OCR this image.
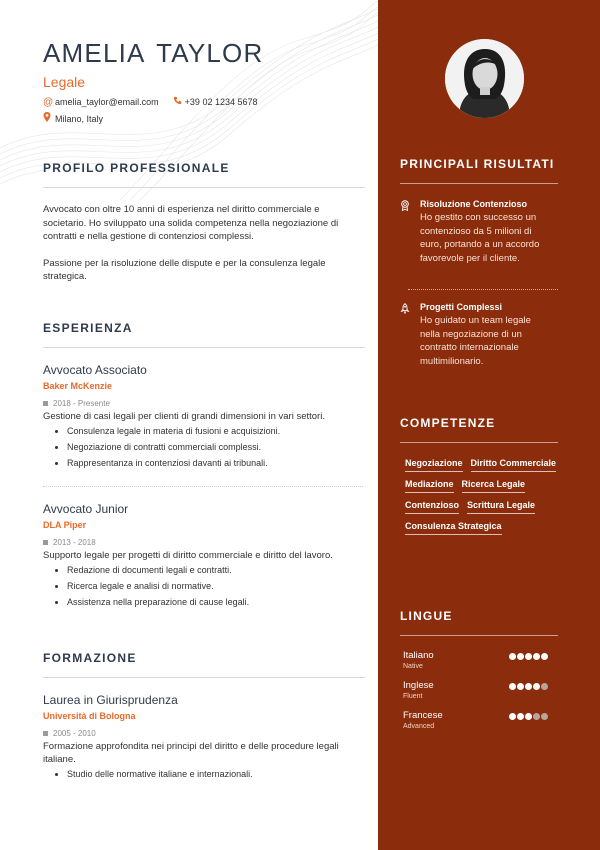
AMELIA TAYLOR
Legale
@ amelia_taylor@email.com	+39 02 1234 5678
Milano, Italy
PROFILO PROFESSIONALE

Avvocato con oltre 10 anni di esperienza nel diritto commerciale e societario. Ho sviluppato una solida competenza nella negoziazione di contratti e nella gestione di contenziosi complessi.

Passione per la risoluzione delle dispute e per la consulenza legale strategica.

ESPERIENZA
Avvocato Associato
Baker McKenzie
2018 - Presente
Gestione di casi legali per clienti di grandi dimensioni in vari settori.
Consulenza legale in materia di fusioni e acquisizioni.
Negoziazione di contratti commerciali complessi.
Rappresentanza in contenziosi davanti ai tribunali.
Avvocato Junior
DLA Piper
2013 - 2018
Supporto legale per progetti di diritto commerciale e diritto del lavoro.
Redazione di documenti legali e contratti.
Ricerca legale e analisi di normative.
Assistenza nella preparazione di cause legali.
FORMAZIONE
Laurea in Giurisprudenza
Università di Bologna
2005 - 2010
Formazione approfondita nei principi del diritto e delle procedure legali italiane.
Studio delle normative italiane e internazionali.
PRINCIPALI RISULTATI
Risoluzione Contenzioso
Ho gestito con successo un contenzioso da 5 milioni di euro, portando a un accordo favorevole per il cliente.
Progetti Complessi
Ho guidato un team legale nella negoziazione di un contratto internazionale multimilionario.
COMPETENZE
Negoziazione Diritto Commerciale
Mediazione Ricerca Legale
Contenzioso Scrittura Legale
Consulenza Strategica
LINGUE
Italiano
Native
Inglese
Fluent
Francese
Advanced
